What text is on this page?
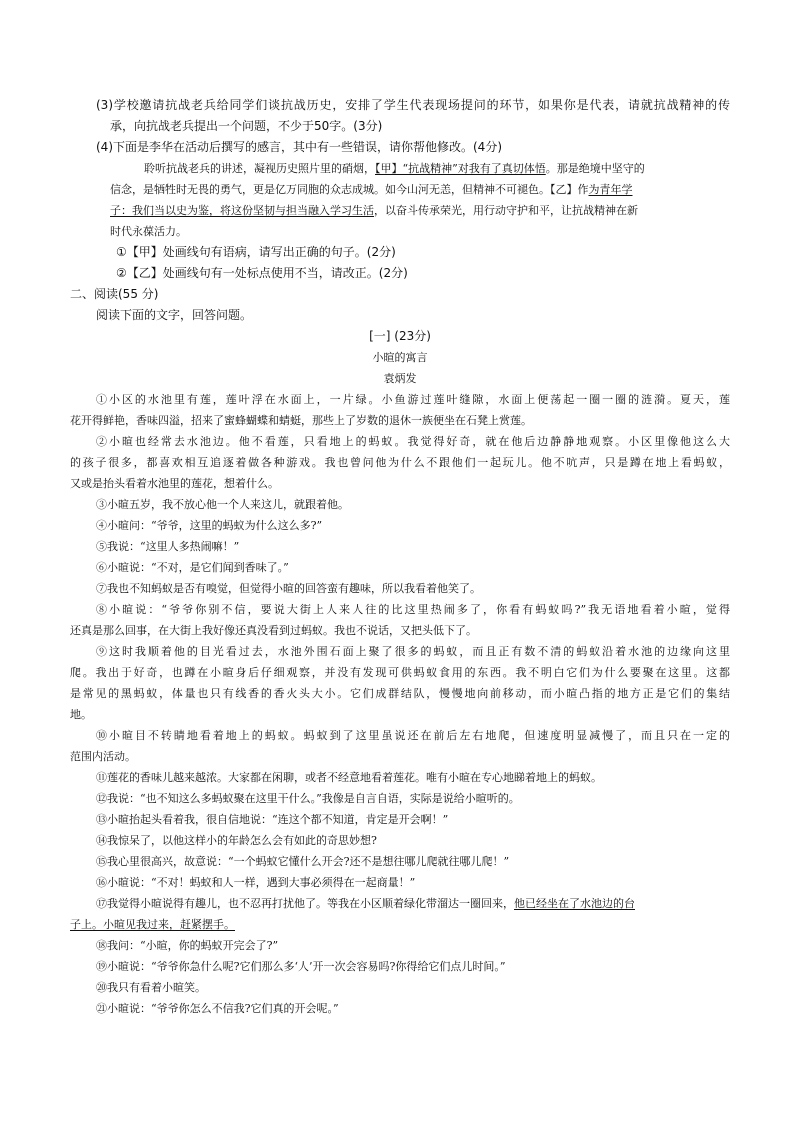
(3)学校邀请抗战老兵给同学们谈抗战历史，安排了学生代表现场提问的环节，如果你是代表，请就抗战精神的传
承，向抗战老兵提出一个问题，不少于50字。(3分)
(4)下面是李华在活动后撰写的感言，其中有一些错误，请你帮他修改。(4分)
聆听抗战老兵的讲述，凝视历史照片里的硝烟，【甲】“抗战精神”对我有了真切体悟。那是绝境中坚守的
信念，是牺牲时无畏的勇气，更是亿万同胞的众志成城。如今山河无恙，但精神不可褪色。【乙】作为青年学
子：我们当以史为鉴，将这份坚韧与担当融入学习生活，以奋斗传承荣光，用行动守护和平，让抗战精神在新
时代永葆活力。
①【甲】处画线句有语病，请写出正确的句子。(2分)
②【乙】处画线句有一处标点使用不当，请改正。(2分)
二、阅读(55 分)
阅读下面的文字，回答问题。
[一] (23分)
小暄的寓言
袁炳发
①小区的水池里有莲，莲叶浮在水面上，一片绿。小鱼游过莲叶缝隙，水面上便荡起一圈一圈的涟漪。夏天，莲
花开得鲜艳，香味四溢，招来了蜜蜂蝴蝶和蜻蜓，那些上了岁数的退休一族便坐在石凳上赏莲。
②小暄也经常去水池边。他不看莲，只看地上的蚂蚁。我觉得好奇，就在他后边静静地观察。小区里像他这么大
的孩子很多，都喜欢相互追逐着做各种游戏。我也曾问他为什么不跟他们一起玩儿。他不吭声，只是蹲在地上看蚂蚁，
又或是抬头看着水池里的莲花，想着什么。
③小暄五岁，我不放心他一个人来这儿，就跟着他。
④小暄问：“爷爷，这里的蚂蚁为什么这么多?”
⑤我说：“这里人多热闹嘛！”
⑥小暄说：“不对，是它们闻到香味了。”
⑦我也不知蚂蚁是否有嗅觉，但觉得小暄的回答蛮有趣味，所以我看着他笑了。
⑧小暄说：“爷爷你别不信，要说大街上人来人往的比这里热闹多了，你看有蚂蚁吗?”我无语地看着小暄，觉得
还真是那么回事，在大街上我好像还真没看到过蚂蚁。我也不说话，又把头低下了。
⑨这时我顺着他的目光看过去，水池外围石面上聚了很多的蚂蚁，而且正有数不清的蚂蚁沿着水池的边缘向这里
爬。我出于好奇，也蹲在小暄身后仔细观察，并没有发现可供蚂蚁食用的东西。我不明白它们为什么要聚在这里。这都
是常见的黑蚂蚁，体量也只有线香的香火头大小。它们成群结队，慢慢地向前移动，而小暄凸指的地方正是它们的集结
地。
⑩小暄目不转睛地看着地上的蚂蚁。蚂蚁到了这里虽说还在前后左右地爬，但速度明显减慢了，而且只在一定的
范围内活动。
⑪莲花的香味儿越来越浓。大家都在闲聊，或者不经意地看着莲花。唯有小暄在专心地睇着地上的蚂蚁。
⑫我说：“也不知这么多蚂蚁聚在这里干什么。”我像是自言自语，实际是说给小暄听的。
⑬小暄抬起头看着我，很自信地说：“连这个都不知道，肯定是开会啊！”
⑭我惊呆了，以他这样小的年龄怎么会有如此的奇思妙想?
⑮我心里很高兴，故意说：“一个蚂蚁它懂什么开会?还不是想往哪儿爬就往哪儿爬！”
⑯小暄说：“不对！蚂蚁和人一样，遇到大事必须得在一起商量！”
⑰我觉得小暄说得有趣儿，也不忍再打扰他了。等我在小区顺着绿化带溜达一圈回来，他已经坐在了水池边的台
子上。小暄见我过来，赶紧摆手。
⑱我问：“小暄，你的蚂蚁开完会了?”
⑲小暄说：“爷爷你急什么呢?它们那么多‘人’开一次会容易吗?你得给它们点儿时间。”
⑳我只有看着小暄笑。
㉑小暄说：“爷爷你怎么不信我?它们真的开会呢。”
